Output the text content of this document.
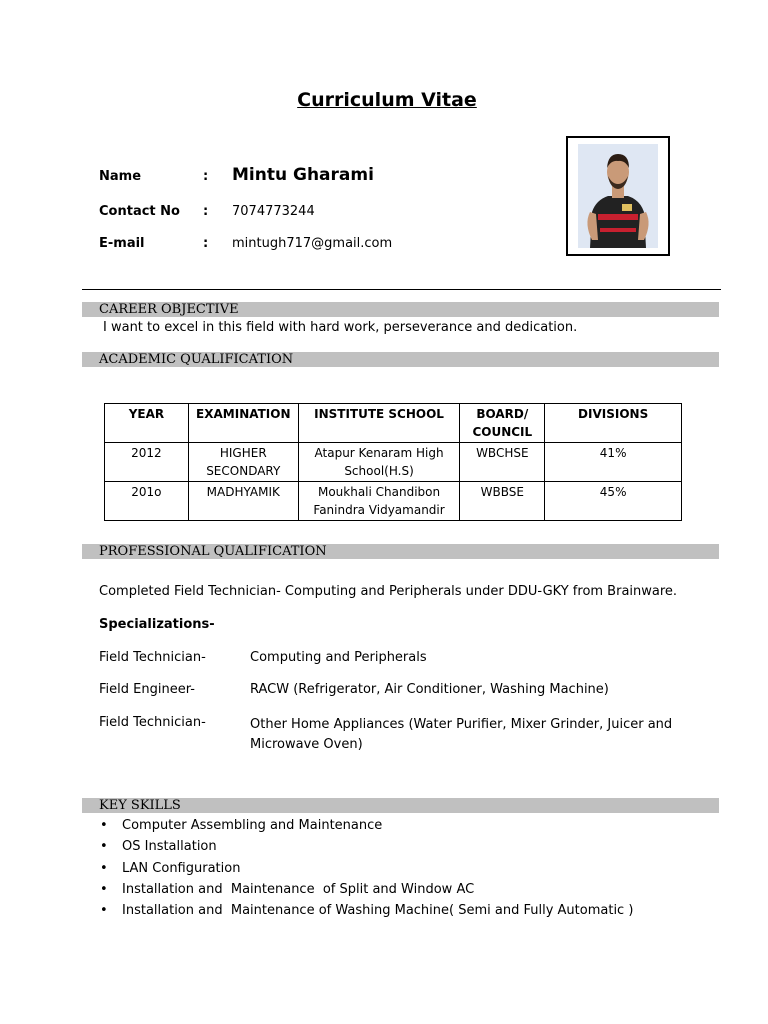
Curriculum Vitae
Name	: Mintu Gharami
Contact No : 7074773244
E-mail	: mintugh717@gmail.com
CAREER OBJECTIVE
I want to excel in this field with hard work, perseverance and dedication.
ACADEMIC QUALIFICATION
YEAR	EXAMINATION	INSTITUTE SCHOOL	BOARD/ COUNCIL	DIVISIONS
2012	HIGHER SECONDARY	Atapur Kenaram High School(H.S)	WBCHSE	41%
201o	MADHYAMIK	Moukhali Chandibon Fanindra Vidyamandir	WBBSE	45%
PROFESSIONAL QUALIFICATION
Completed Field Technician- Computing and Peripherals under DDU-GKY from Brainware.
Specializations-
Field Technician-	Computing and Peripherals
Field Engineer-	RACW (Refrigerator, Air Conditioner, Washing Machine)
Field Technician-	Other Home Appliances (Water Purifier, Mixer Grinder, Juicer and Microwave Oven)
KEY SKILLS
• Computer Assembling and Maintenance
• OS Installation
• LAN Configuration
• Installation and  Maintenance  of Split and Window AC
• Installation and  Maintenance of Washing Machine( Semi and Fully Automatic )
